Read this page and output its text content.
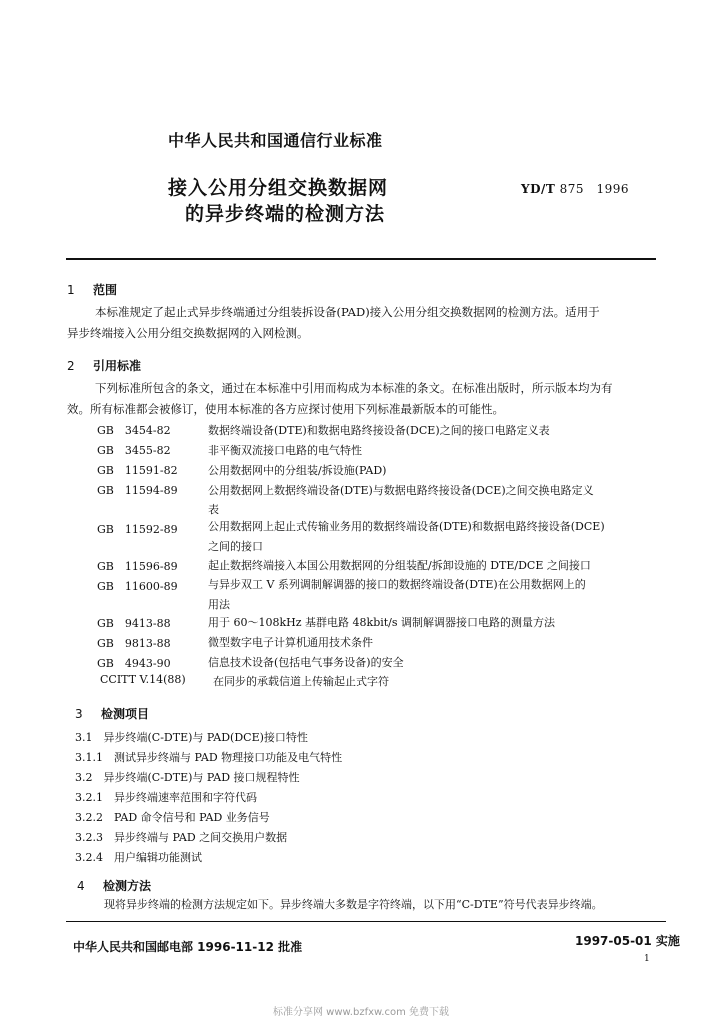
中华人民共和国通信行业标准
接入公用分组交换数据网
的异步终端的检测方法
YD/T 875　1996
1 范围
本标准规定了起止式异步终端通过分组装拆设备(PAD)接入公用分组交换数据网的检测方法。适用于
异步终端接入公用分组交换数据网的入网检测。
2 引用标准
下列标准所包含的条文，通过在本标准中引用而构成为本标准的条文。在标准出版时，所示版本均为有
效。所有标准都会被修订，使用本标准的各方应探讨使用下列标准最新版本的可能性。
GB　3454-82	数据终端设备(DTE)和数据电路终接设备(DCE)之间的接口电路定义表
GB　3455-82	非平衡双流接口电路的电气特性
GB　11591-82	公用数据网中的分组装/拆设施(PAD)
GB　11594-89	公用数据网上数据终端设备(DTE)与数据电路终接设备(DCE)之间交换电路定义
表
GB　11592-89	公用数据网上起止式传输业务用的数据终端设备(DTE)和数据电路终接设备(DCE)
之间的接口
GB　11596-89	起止数据终端接入本国公用数据网的分组装配/拆卸设施的 DTE/DCE 之间接口
GB　11600-89	与异步双工 V 系列调制解调器的接口的数据终端设备(DTE)在公用数据网上的
用法
GB　9413-88	用于 60～108kHz 基群电路 48kbit/s 调制解调器接口电路的测量方法
GB　9813-88	微型数字电子计算机通用技术条件
GB　4943-90	信息技术设备(包括电气事务设备)的安全
CCITT V.14(88) 在同步的承载信道上传输起止式字符
3 检测项目
3.1　异步终端(C-DTE)与 PAD(DCE)接口特性
3.1.1　测试异步终端与 PAD 物理接口功能及电气特性
3.2　异步终端(C-DTE)与 PAD 接口规程特性
3.2.1　异步终端速率范围和字符代码
3.2.2　PAD 命令信号和 PAD 业务信号
3.2.3　异步终端与 PAD 之间交换用户数据
3.2.4　用户编辑功能测试
4 检测方法
现将异步终端的检测方法规定如下。异步终端大多数是字符终端，以下用“C-DTE”符号代表异步终端。
中华人民共和国邮电部 1996-11-12 批准	1997-05-01 实施
1
标准分享网 www.bzfxw.com 免费下载
